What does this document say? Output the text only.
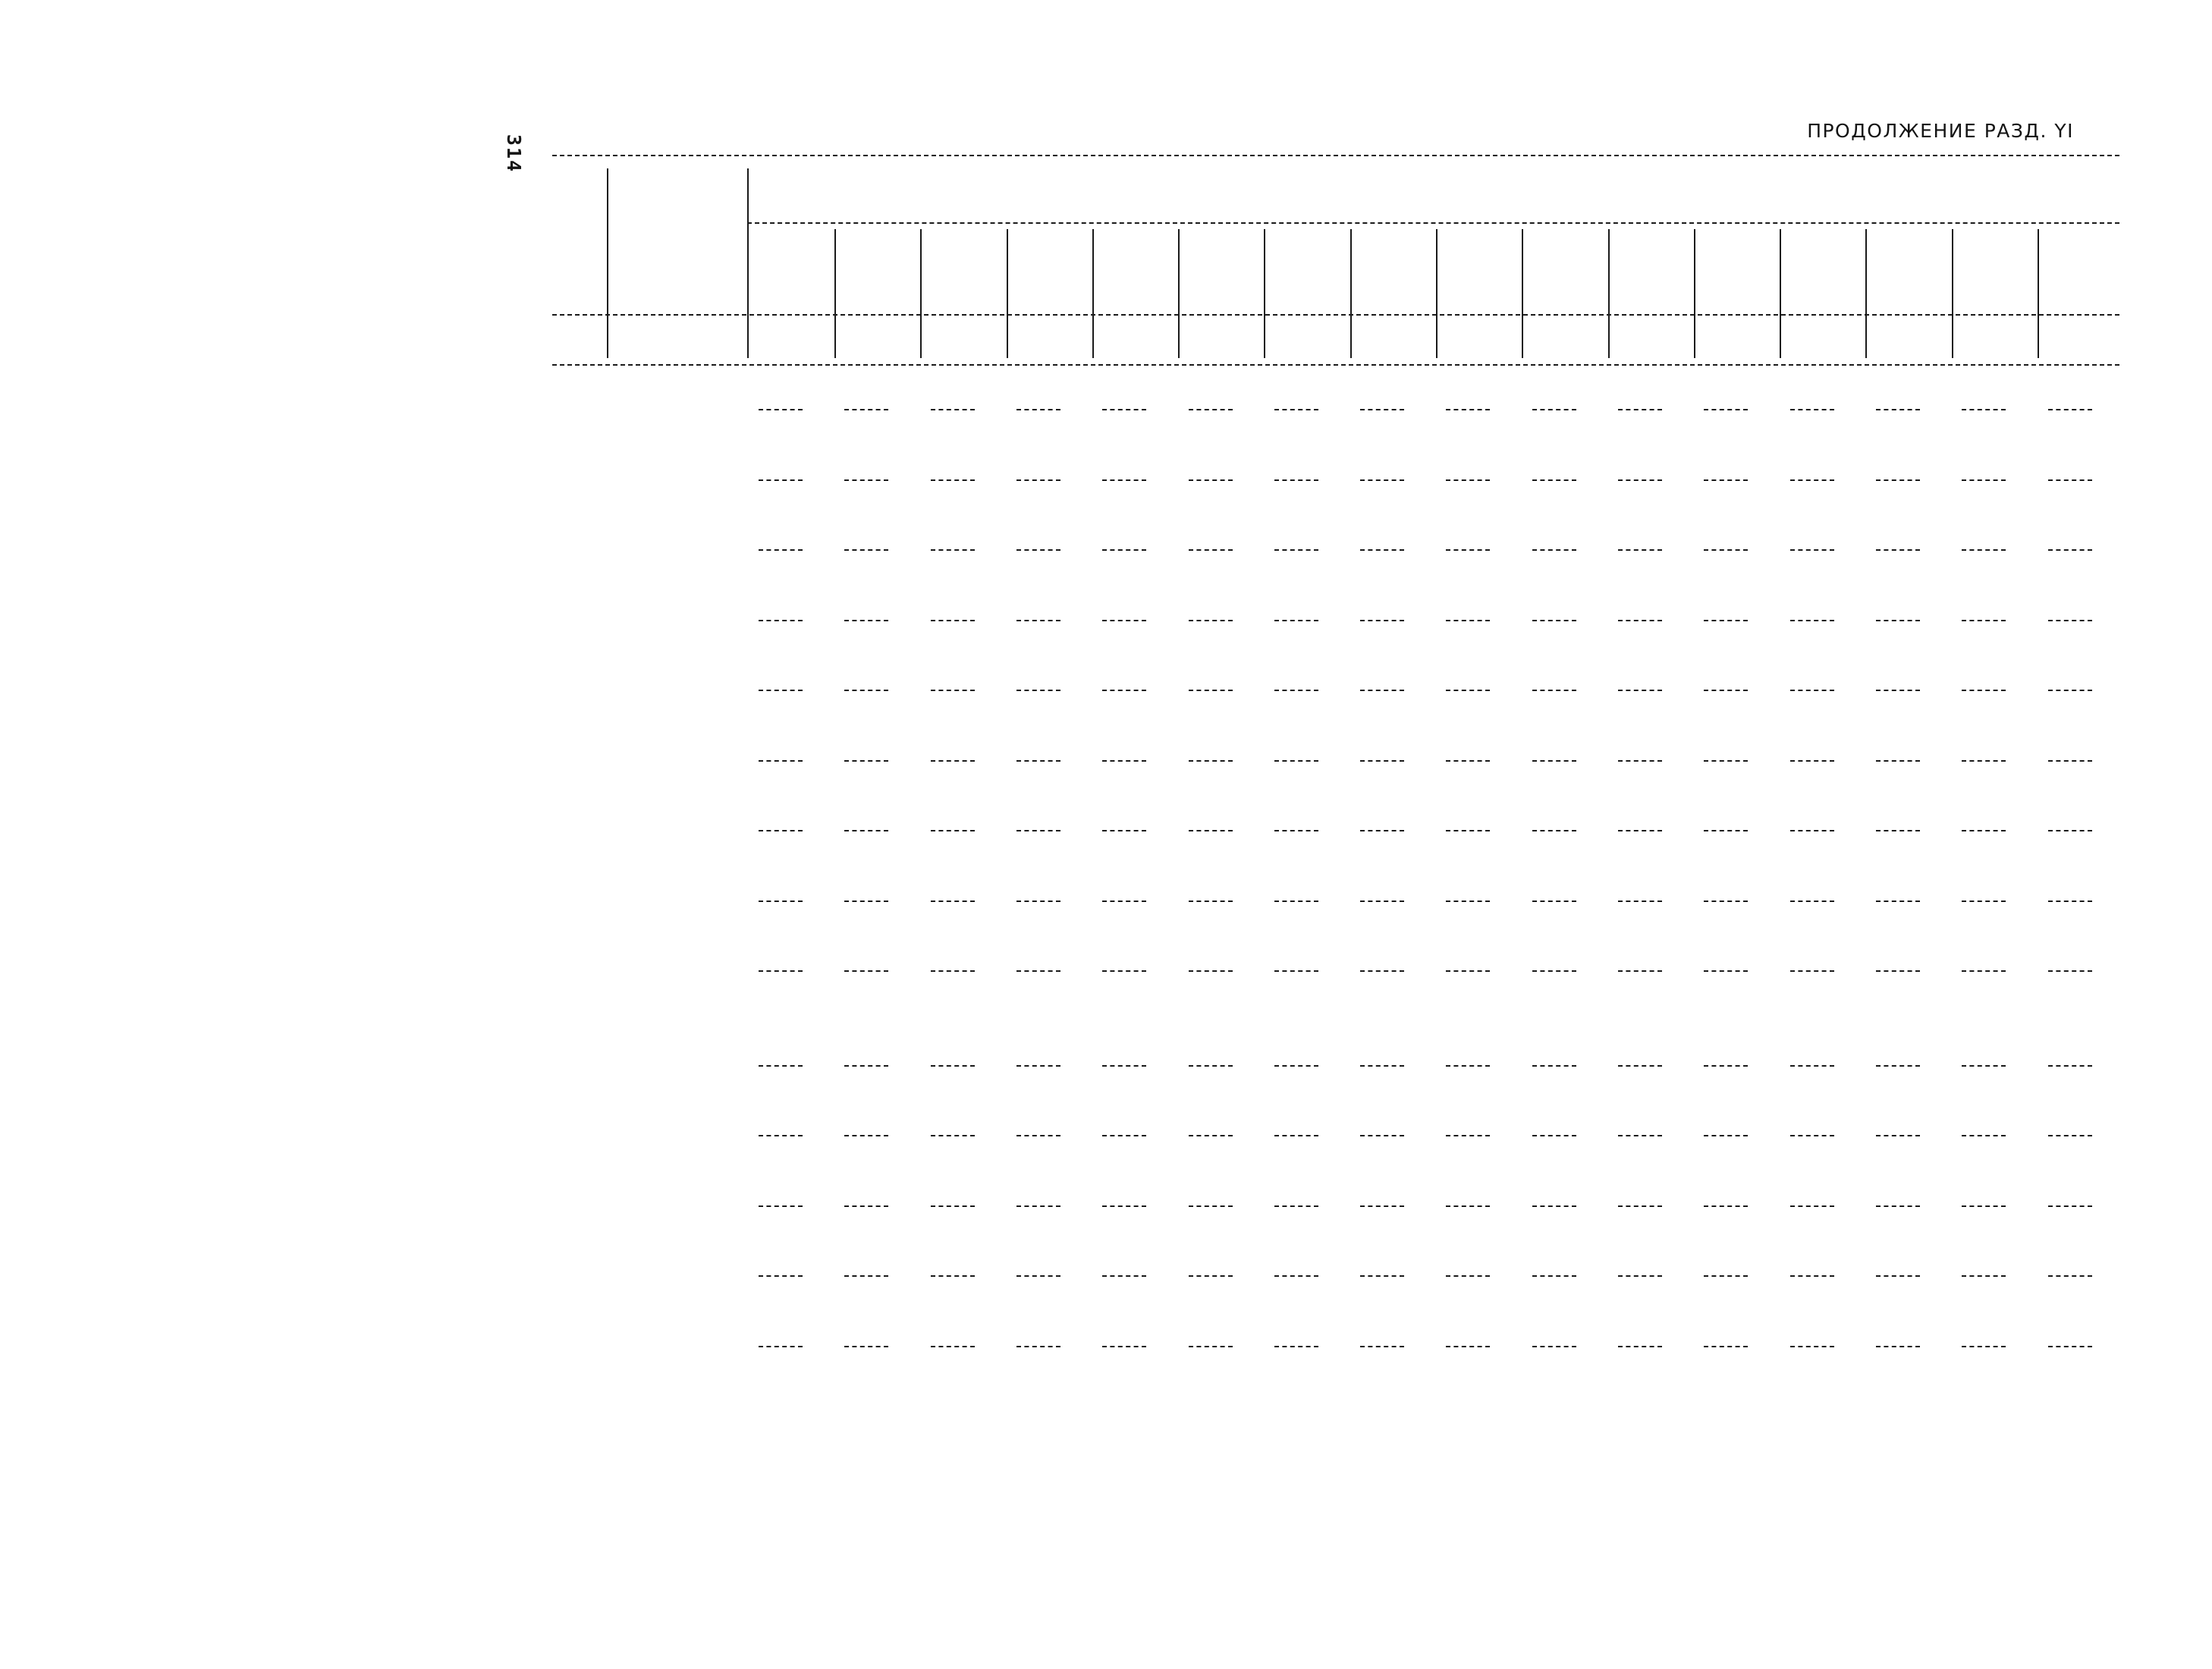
314
ПРОДОЛЖЕНИЕ РАЗД. YI
